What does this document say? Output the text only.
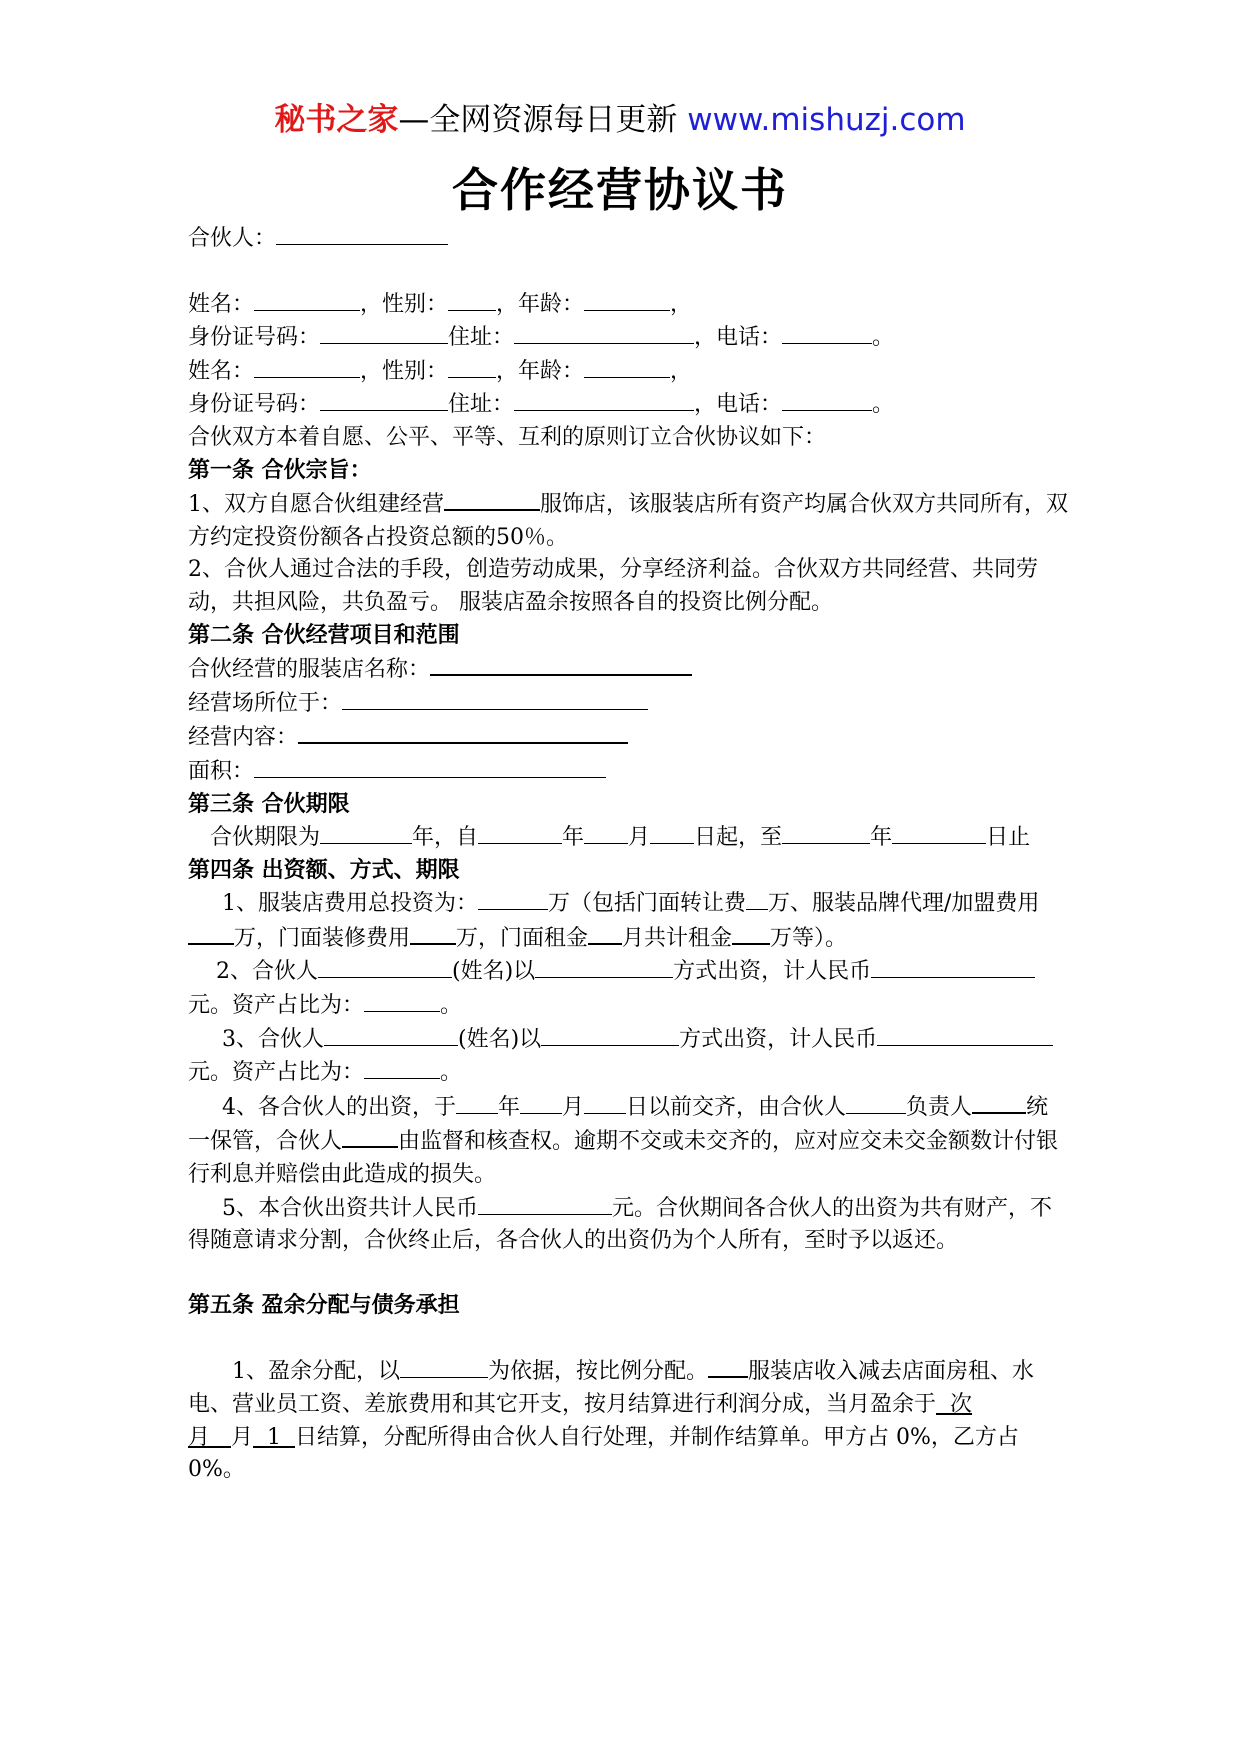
秘书之家—全网资源每日更新 www.mishuzj.com
合作经营协议书
合伙人：
姓名：	，性别： ，年龄：	，
身份证号码：	住址：	，电话：	。
姓名：	，性别： ，年龄：	，
身份证号码：	住址：	，电话：	。
合伙双方本着自愿、公平、平等、互利的原则订立合伙协议如下：
第一条 合伙宗旨：
1、双方自愿合伙组建经营	服饰店，该服装店所有资产均属合伙双方共同所有，双方约定投资份额各占投资总额的50％。
2、合伙人通过合法的手段，创造劳动成果，分享经济利益。合伙双方共同经营、共同劳动，共担风险，共负盈亏。 服装店盈余按照各自的投资比例分配。
第二条 合伙经营项目和范围
合伙经营的服装店名称：
经营场所位于：
经营内容：
面积：
第三条 合伙期限
合伙期限为	年，自	年 月 日起，至	年	日止
第四条 出资额、方式、期限
1、服装店费用总投资为：	万（包括门面转让费 万、服装品牌代理/加盟费用万，门面装修费用 万，门面租金 月共计租金 万等）。
2、合伙人	(姓名)以	方式出资，计人民币元。资产占比为：	。
3、合伙人	(姓名)以	方式出资，计人民币元。资产占比为：	。
4、各合伙人的出资，于 年 月 日以前交齐，由合伙人	负责人 统一保管，合伙人	由监督和核查权。逾期不交或未交齐的，应对应交未交金额数计付银行利息并赔偿由此造成的损失。
5、本合伙出资共计人民币	元。合伙期间各合伙人的出资为共有财产，不得随意请求分割，合伙终止后，各合伙人的出资仍为个人所有，至时予以返还。
第五条 盈余分配与债务承担
1、盈余分配，以	为依据，按比例分配。 服装店收入减去店面房租、水电、营业员工资、差旅费用和其它开支，按月结算进行利润分成，当月盈余于 次月 月 1 日结算，分配所得由合伙人自行处理，并制作结算单。甲方占 0%，乙方占 0%。
